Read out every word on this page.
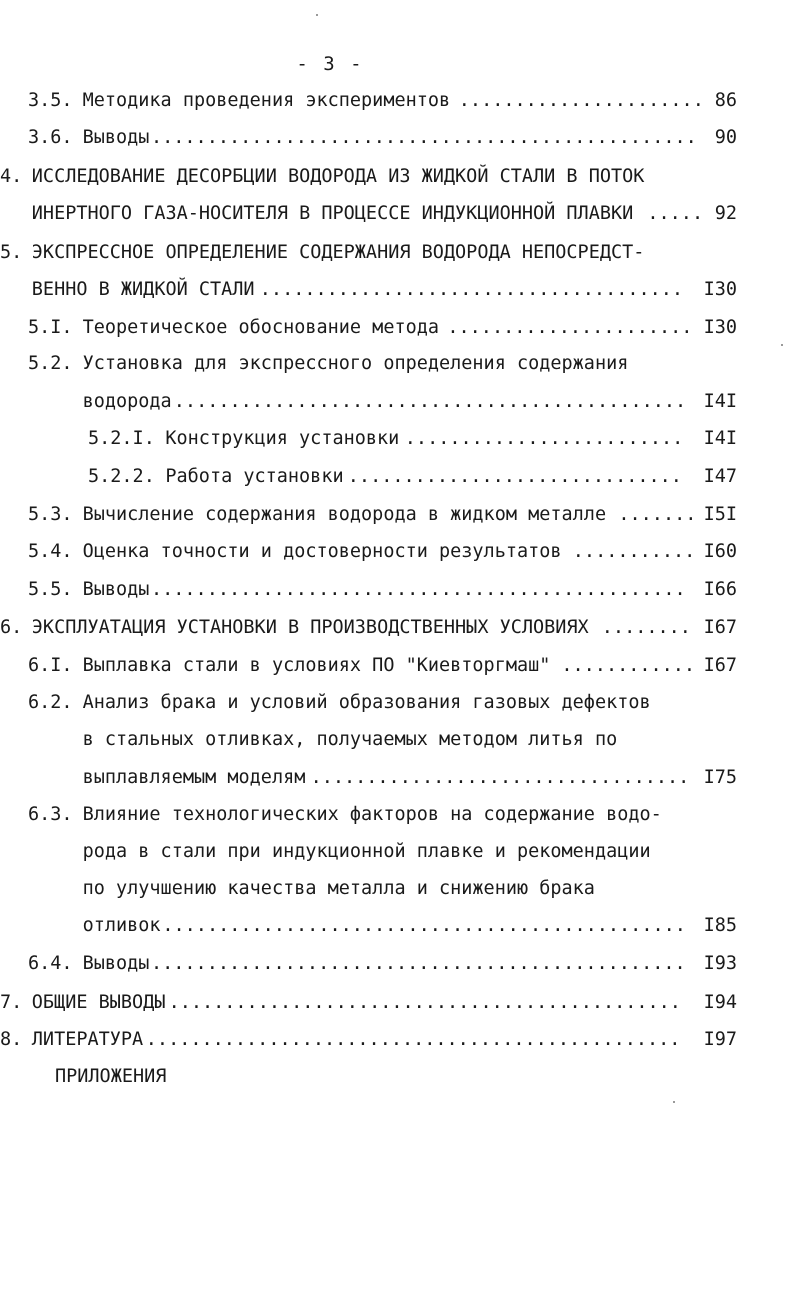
- 3 -
3.5. Методика проведения экспериментов	86
......................
3.6. Выводы	90
.................................................
4. ИССЛЕДОВАНИЕ ДЕСОРБЦИИ ВОДОРОДА ИЗ ЖИДКОЙ СТАЛИ В ПОТОК
ИНЕРТНОГО ГАЗА-НОСИТЕЛЯ В ПРОЦЕССЕ ИНДУКЦИОННОЙ ПЛАВКИ	92
.....
5. ЭКСПРЕССНОЕ ОПРЕДЕЛЕНИЕ СОДЕРЖАНИЯ ВОДОРОДА НЕПОСРЕДСТ-
ВЕННО В ЖИДКОЙ СТАЛИ	I30
......................................
5.I. Теоретическое обоснование метода	I30
......................
5.2. Установка для экспрессного определения содержания
водорода	I4I
..............................................
5.2.I. Конструкция установки	I4I
.........................
5.2.2. Работа установки	I47
..............................
5.3. Вычисление содержания водорода в жидком металле	I5I
.......
5.4. Оценка точности и достоверности результатов	I60
...........
5.5. Выводы	I66
................................................
6. ЭКСПЛУАТАЦИЯ УСТАНОВКИ В ПРОИЗВОДСТВЕННЫХ УСЛОВИЯХ	I67
........
6.I. Выплавка стали в условиях ПО "Киевторгмаш"	I67
............
6.2. Анализ брака и условий образования газовых дефектов
в стальных отливках, получаемых методом литья по
выплавляемым моделям	I75
..................................
6.3. Влияние технологических факторов на содержание водо-
рода в стали при индукционной плавке и рекомендации
по улучшению качества металла и снижению брака
отливок	I85
...............................................
6.4. Выводы	I93
................................................
7. ОБЩИЕ ВЫВОДЫ	I94
..............................................
8. ЛИТЕРАТУРА	I97
................................................
ПРИЛОЖЕНИЯ
